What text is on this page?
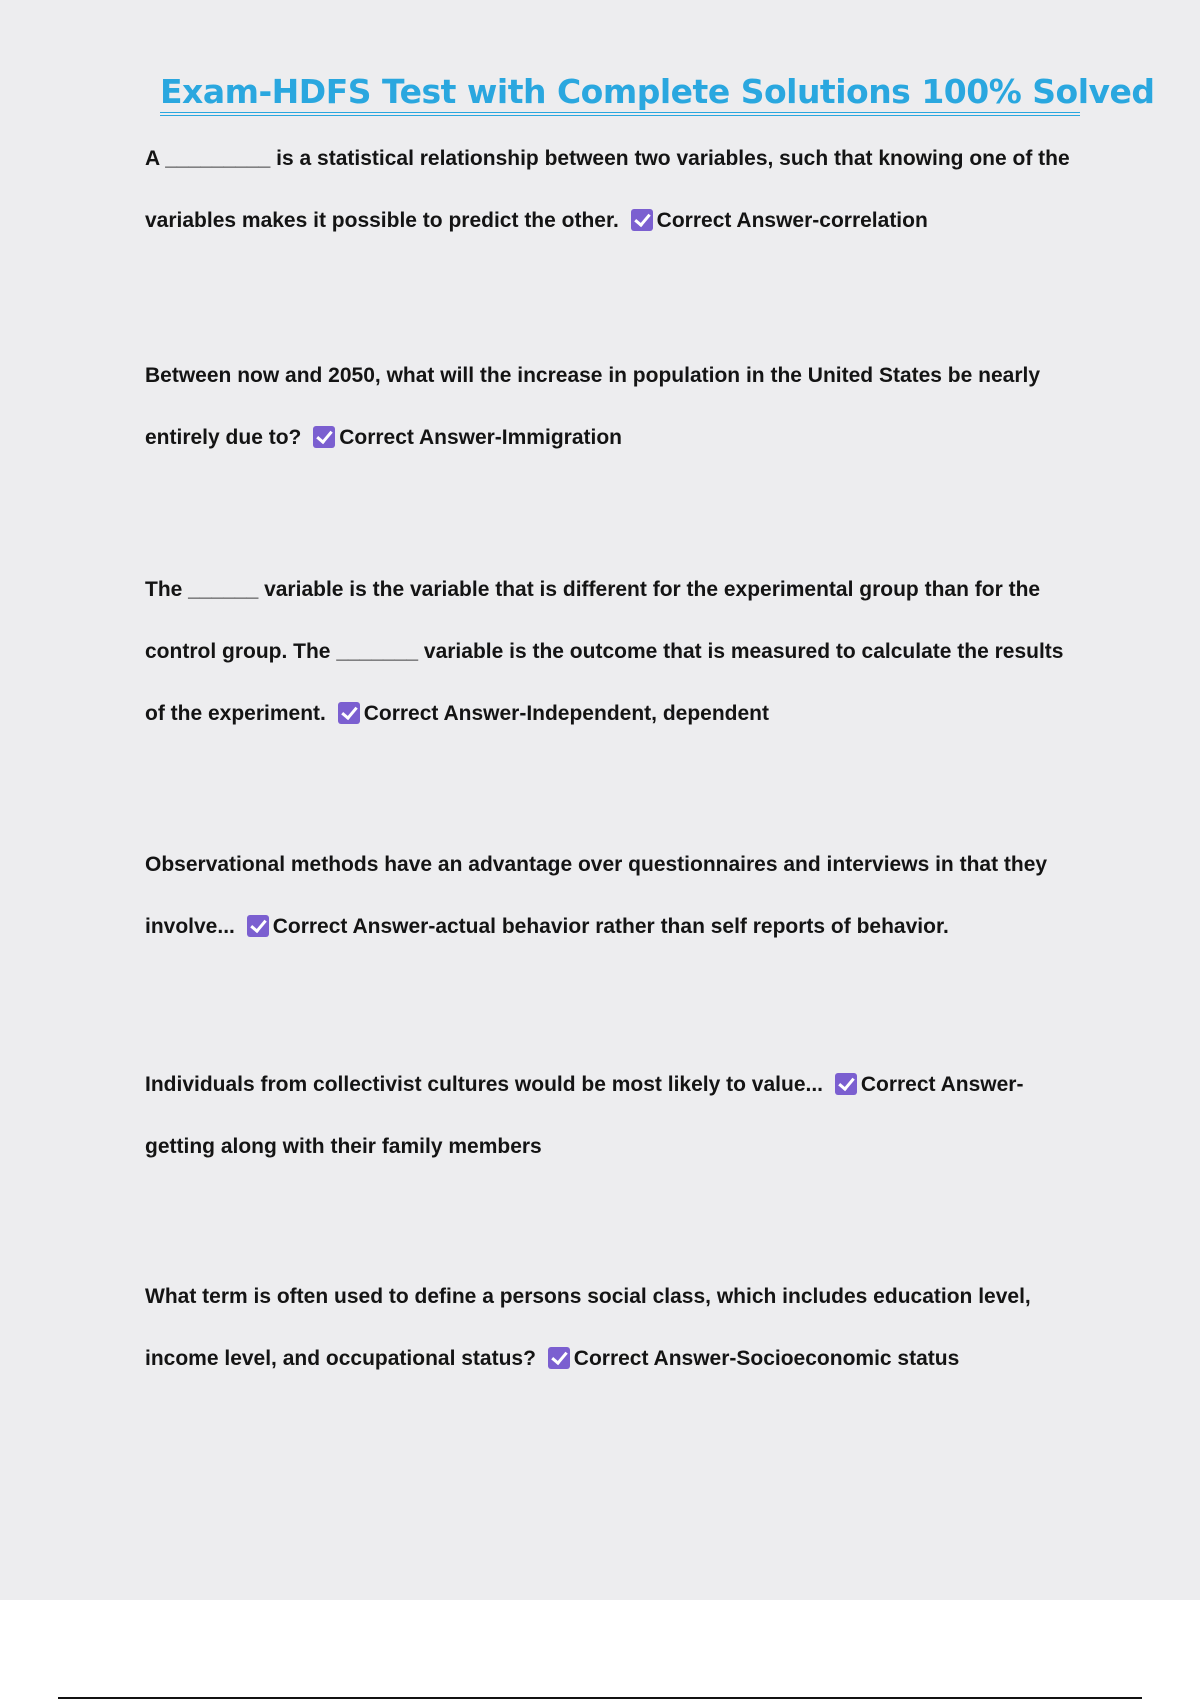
Exam-HDFS Test with Complete Solutions 100% Solved

A _________ is a statistical relationship between two variables, such that knowing one of the variables makes it possible to predict the other. Correct Answer-correlation

Between now and 2050, what will the increase in population in the United States be nearly entirely due to? Correct Answer-Immigration

The ______ variable is the variable that is different for the experimental group than for the control group. The _______ variable is the outcome that is measured to calculate the results of the experiment. Correct Answer-Independent, dependent

Observational methods have an advantage over questionnaires and interviews in that they involve... Correct Answer-actual behavior rather than self reports of behavior.

Individuals from collectivist cultures would be most likely to value... Correct Answer-getting along with their family members

What term is often used to define a persons social class, which includes education level, income level, and occupational status? Correct Answer-Socioeconomic status
